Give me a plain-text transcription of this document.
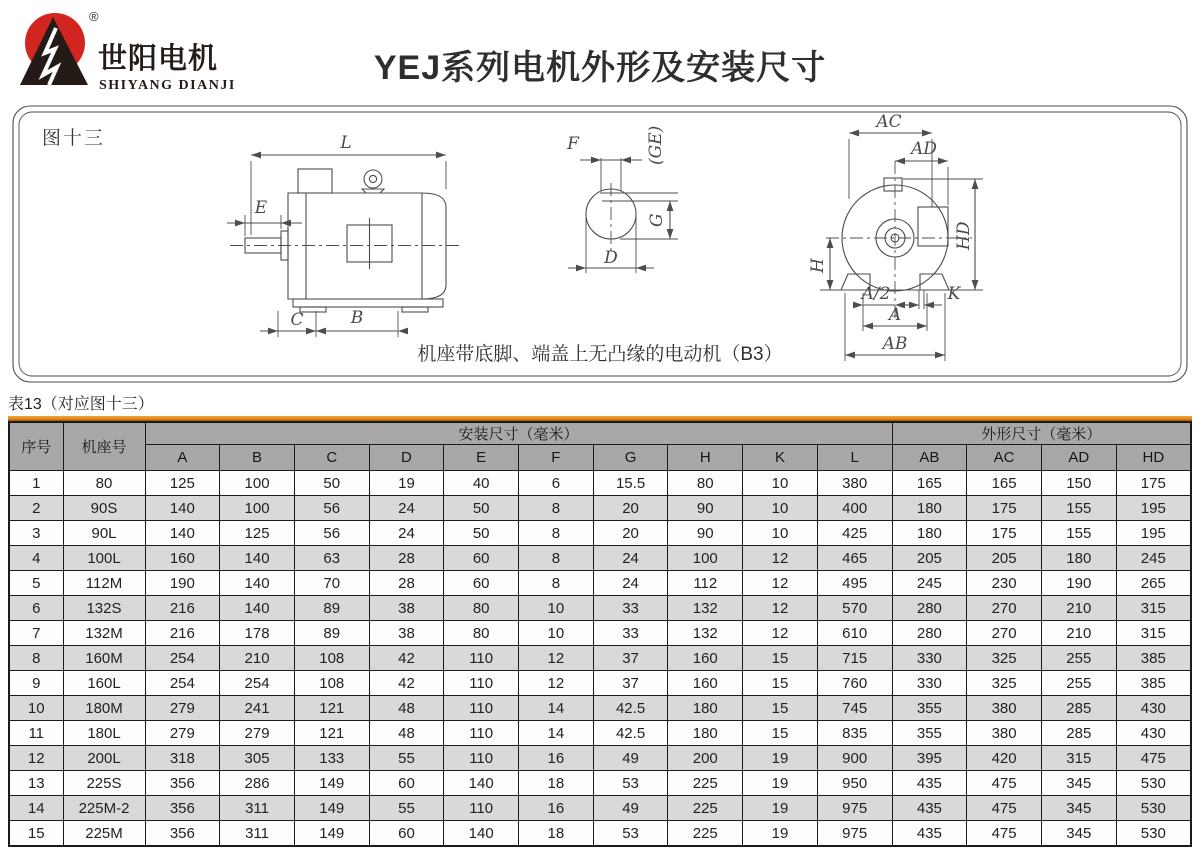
®
世阳电机
SHIYANG DIANJI	YEJ系列电机外形及安装尺寸
L
E
C	B
F	(GE)
G
D
AC
AD
HD
H
A/2	K
A
AB
图十三
机座带底脚、端盖上无凸缘的电动机（B3）
表13（对应图十三）
序号	机座号	安装尺寸（毫米）										外形尺寸（毫米）			
		A	B	C	D	E	F	G	H	K	L	AB	AC	AD	HD
1	80	125	100	50	19	40	6	15.5	80	10	380	165	165	150	175
2	90S	140	100	56	24	50	8	20	90	10	400	180	175	155	195
3	90L	140	125	56	24	50	8	20	90	10	425	180	175	155	195
4	100L	160	140	63	28	60	8	24	100	12	465	205	205	180	245
5	112M	190	140	70	28	60	8	24	112	12	495	245	230	190	265
6	132S	216	140	89	38	80	10	33	132	12	570	280	270	210	315
7	132M	216	178	89	38	80	10	33	132	12	610	280	270	210	315
8	160M	254	210	108	42	110	12	37	160	15	715	330	325	255	385
9	160L	254	254	108	42	110	12	37	160	15	760	330	325	255	385
10	180M	279	241	121	48	110	14	42.5	180	15	745	355	380	285	430
11	180L	279	279	121	48	110	14	42.5	180	15	835	355	380	285	430
12	200L	318	305	133	55	110	16	49	200	19	900	395	420	315	475
13	225S	356	286	149	60	140	18	53	225	19	950	435	475	345	530
14	225M-2	356	311	149	55	110	16	49	225	19	975	435	475	345	530
15	225M	356	311	149	60	140	18	53	225	19	975	435	475	345	530
